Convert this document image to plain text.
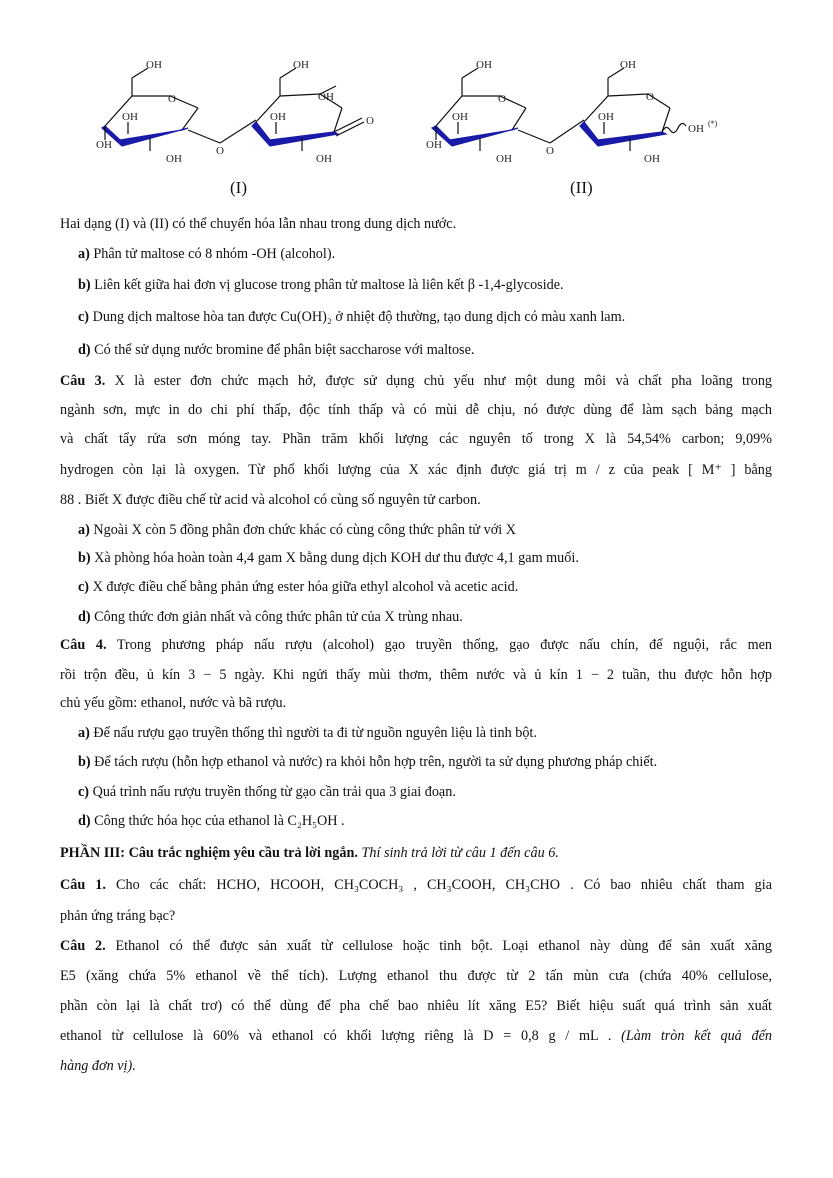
OH
O
OH
OH
OH
O
OH
OH
OH
OH
O
(I)
OH
O
OH
OH
OH
O
OH
O
OH
OH
OH (*)
(II)
Hai dạng (I) và (II) có thể chuyển hóa lẫn nhau trong dung dịch nước.
a) Phân tử maltose có 8 nhóm -OH (alcohol).
b) Liên kết giữa hai đơn vị glucose trong phân tử maltose là liên kết β -1,4-glycoside.
c) Dung dịch maltose hòa tan được Cu(OH)₂ ở nhiệt độ thường, tạo dung dịch có màu xanh lam.
d) Có thể sử dụng nước bromine để phân biệt saccharose với maltose.
Câu 3. X là ester đơn chức mạch hở, được sử dụng chủ yếu như một dung môi và chất pha loãng trong
ngành sơn, mực in do chi phí thấp, độc tính thấp và có mùi dễ chịu, nó được dùng để làm sạch bảng mạch
và chất tẩy rửa sơn móng tay. Phần trăm khối lượng các nguyên tố trong X là 54,54% carbon; 9,09%
hydrogen còn lại là oxygen. Từ phổ khối lượng của X xác định được giá trị m / z của peak [ M⁺ ] bằng
88 . Biết X được điều chế từ acid và alcohol có cùng số nguyên tử carbon.
a) Ngoài X còn 5 đồng phân đơn chức khác có cùng công thức phân tử với X
b) Xà phòng hóa hoàn toàn 4,4 gam X bằng dung dịch KOH dư thu được 4,1 gam muối.
c) X được điều chế bằng phản ứng ester hóa giữa ethyl alcohol và acetic acid.
d) Công thức đơn giản nhất và công thức phân tử của X trùng nhau.
Câu 4. Trong phương pháp nấu rượu (alcohol) gạo truyền thống, gạo được nấu chín, để nguội, rắc men
rồi trộn đều, ủ kín 3 − 5 ngày. Khi ngửi thấy mùi thơm, thêm nước và ủ kín 1 − 2 tuần, thu được hỗn hợp
chủ yếu gồm: ethanol, nước và bã rượu.
a) Để nấu rượu gạo truyền thống thì người ta đi từ nguồn nguyên liệu là tinh bột.
b) Để tách rượu (hỗn hợp ethanol và nước) ra khỏi hỗn hợp trên, người ta sử dụng phương pháp chiết.
c) Quá trình nấu rượu truyền thống từ gạo cần trải qua 3 giai đoạn.
d) Công thức hóa học của ethanol là C₂H₅OH .
PHẦN III: Câu trắc nghiệm yêu cầu trả lời ngắn. Thí sinh trả lời từ câu 1 đến câu 6.
Câu 1. Cho các chất: HCHO, HCOOH, CH₃COCH₃ , CH₃COOH, CH₃CHO . Có bao nhiêu chất tham gia
phản ứng tráng bạc?
Câu 2. Ethanol có thể được sản xuất từ cellulose hoặc tinh bột. Loại ethanol này dùng để sản xuất xăng
E5 (xăng chứa 5% ethanol về thể tích). Lượng ethanol thu được từ 2 tấn mùn cưa (chứa 40% cellulose,
phần còn lại là chất trơ) có thể dùng để pha chế bao nhiêu lít xăng E5? Biết hiệu suất quá trình sản xuất
ethanol từ cellulose là 60% và ethanol có khối lượng riêng là D = 0,8 g / mL . (Làm tròn kết quả đến
hàng đơn vị).
